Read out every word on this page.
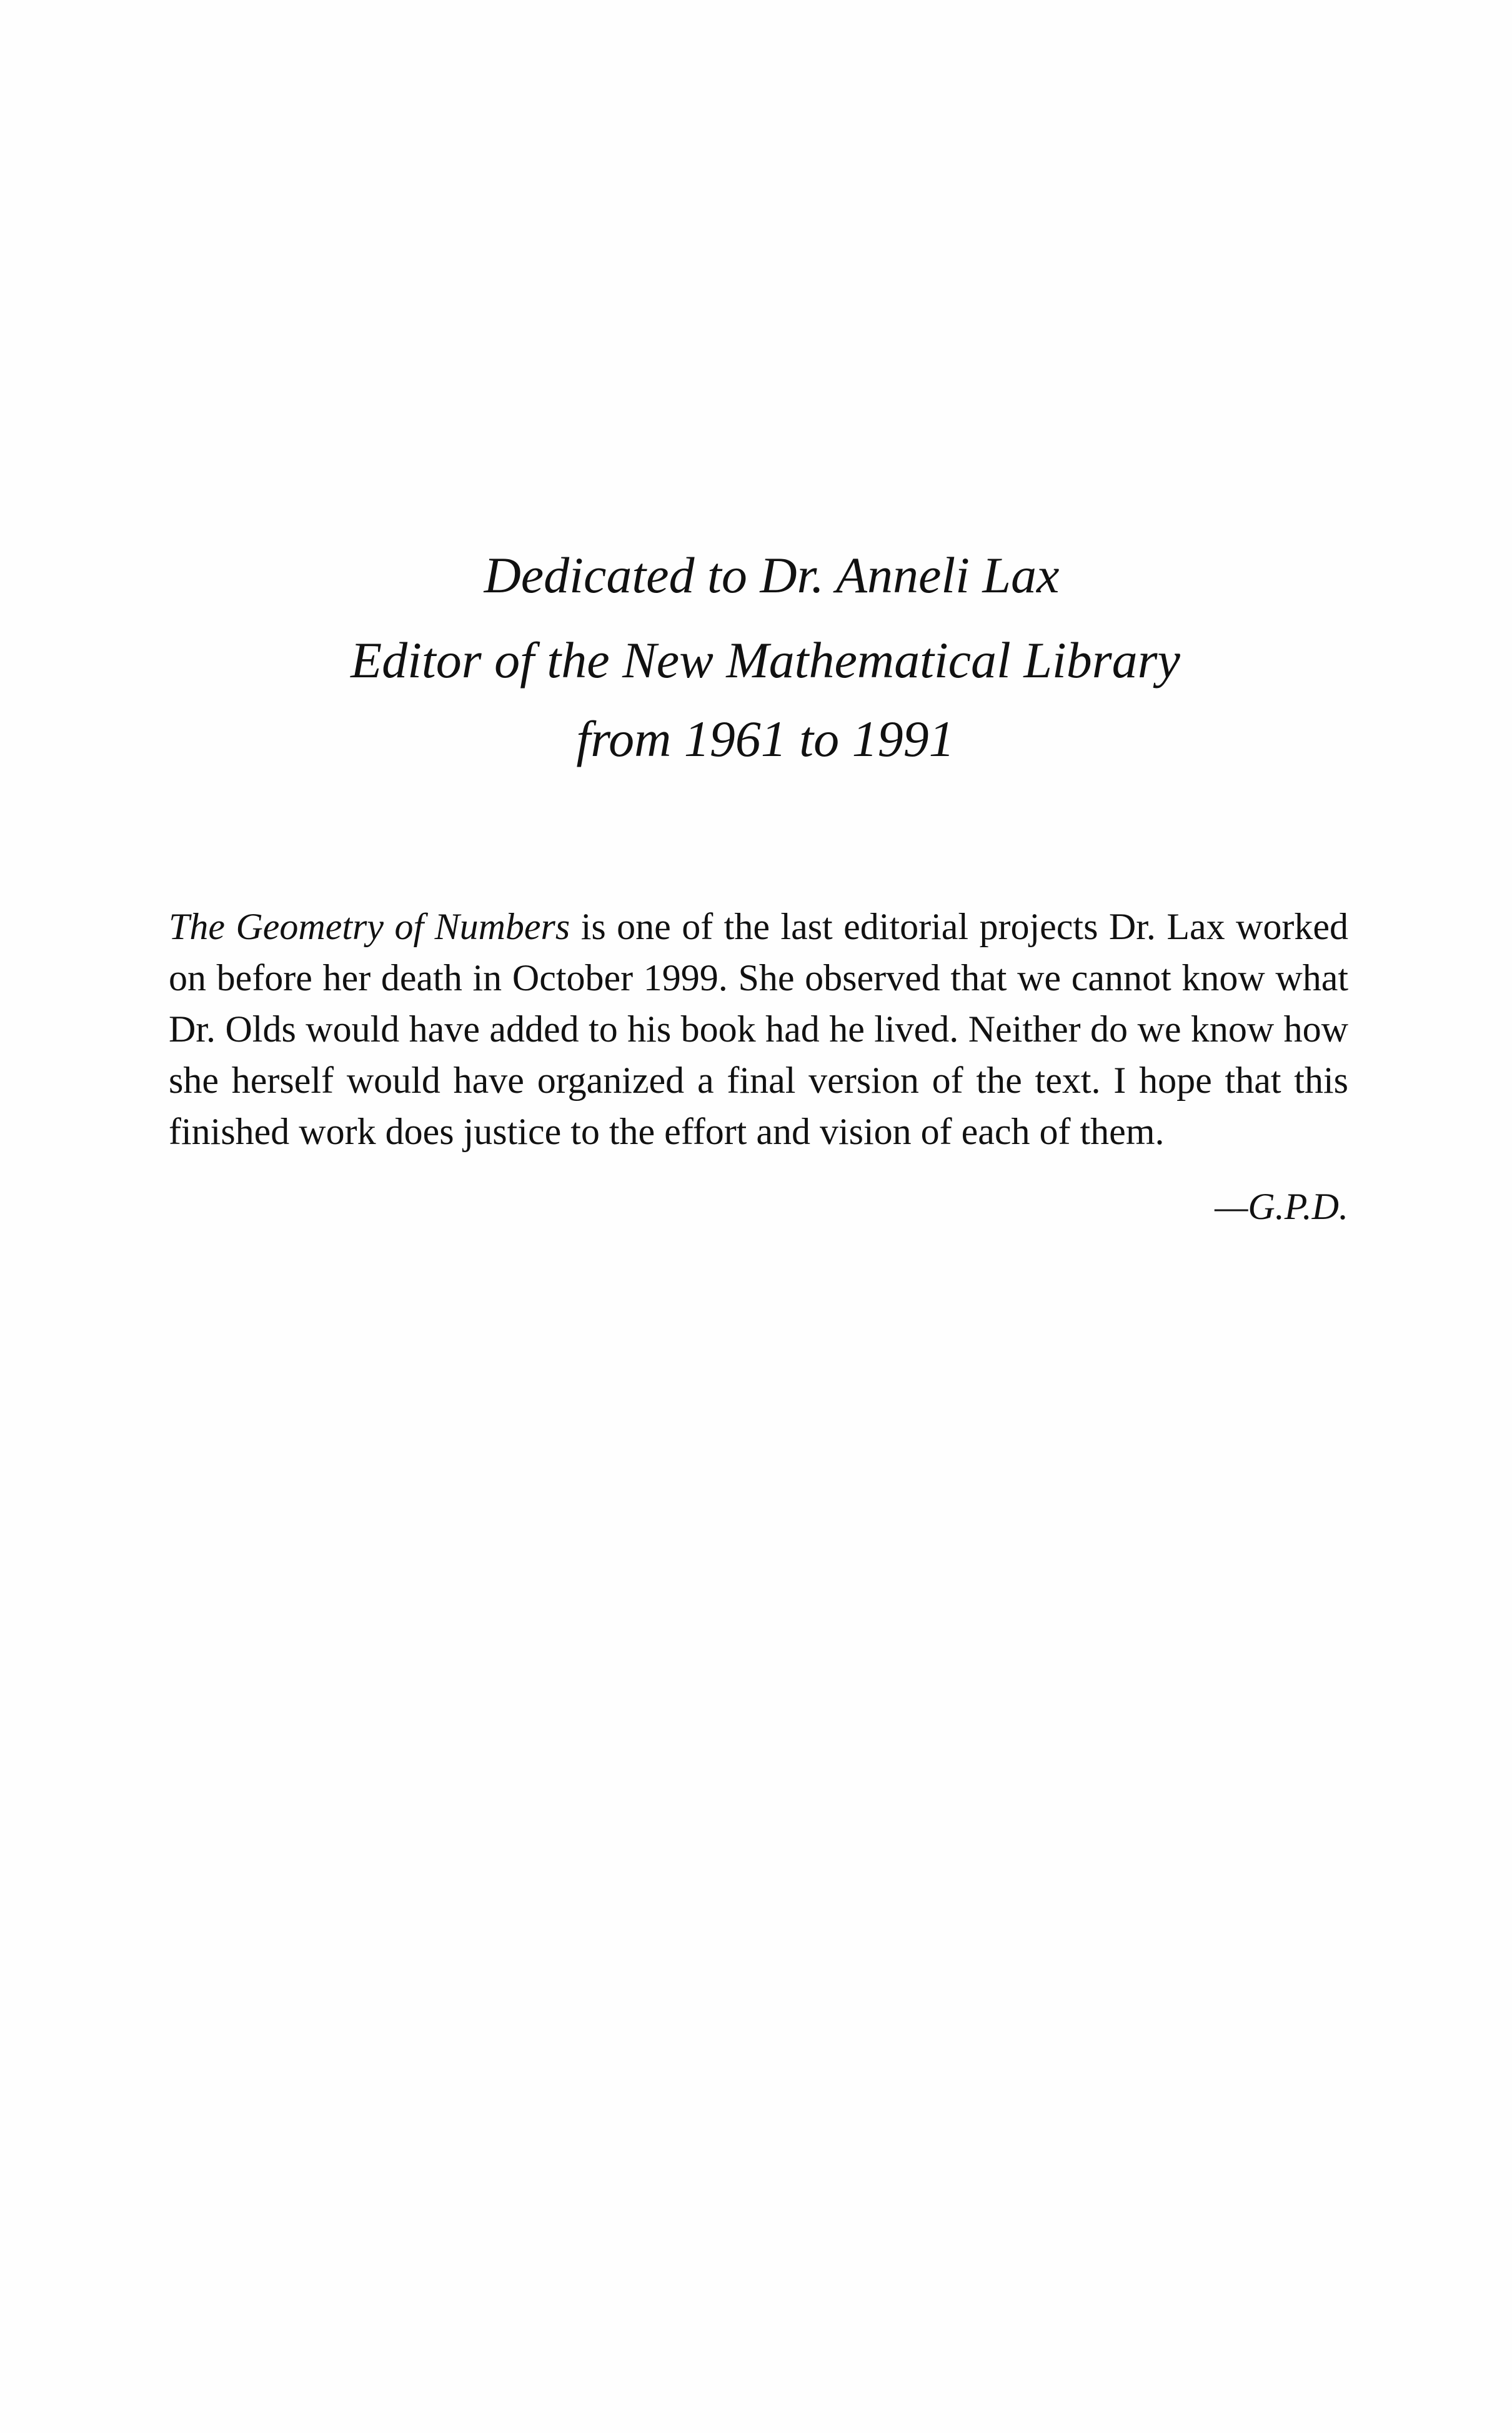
Dedicated to Dr. Anneli Lax
Editor of the New Mathematical Library
from 1961 to 1991

The Geometry of Numbers is one of the last editorial projects Dr. Lax worked on before her death in October 1999. She observed that we cannot know what Dr. Olds would have added to his book had he lived. Neither do we know how she herself would have organized a final version of the text. I hope that this finished work does justice to the effort and vision of each of them.

—G.P.D.
